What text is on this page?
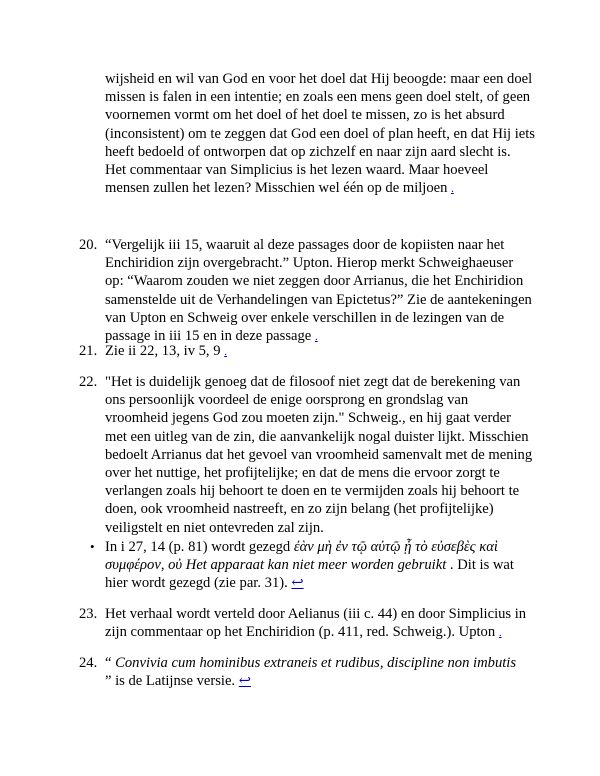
wijsheid en wil van God en voor het doel dat Hij beoogde: maar een doel missen is falen in een intentie; en zoals een mens geen doel stelt, of geen voornemen vormt om het doel of het doel te missen, zo is het absurd (inconsistent) om te zeggen dat God een doel of plan heeft, en dat Hij iets heeft bedoeld of ontworpen dat op zichzelf en naar zijn aard slecht is. Het commentaar van Simplicius is het lezen waard. Maar hoeveel mensen zullen het lezen? Misschien wel één op de miljoen .

20. “Vergelijk iii 15, waaruit al deze passages door de kopiisten naar het Enchiridion zijn overgebracht.” Upton. Hierop merkt Schweighaeuser op: “Waarom zouden we niet zeggen door Arrianus, die het Enchiridion samenstelde uit de Verhandelingen van Epictetus?” Zie de aantekeningen van Upton en Schweig over enkele verschillen in de lezingen van de passage in iii 15 en in deze passage .

21. Zie ii 22, 13, iv 5, 9 .

22. "Het is duidelijk genoeg dat de filosoof niet zegt dat de berekening van ons persoonlijk voordeel de enige oorsprong en grondslag van vroomheid jegens God zou moeten zijn." Schweig., en hij gaat verder met een uitleg van de zin, die aanvankelijk nogal duister lijkt. Misschien bedoelt Arrianus dat het gevoel van vroomheid samenvalt met de mening over het nuttige, het profijtelijke; en dat de mens die ervoor zorgt te verlangen zoals hij behoort te doen en te vermijden zoals hij behoort te doen, ook vroomheid nastreeft, en zo zijn belang (het profijtelijke) veiligstelt en niet ontevreden zal zijn.

• In i 27, 14 (p. 81) wordt gezegd ἐὰν μὴ ἐν τῷ αὐτῷ ᾖ τὸ εὐσεβὲς καὶ συμφέρον, οὐ Het apparaat kan niet meer worden gebruikt . Dit is wat hier wordt gezegd (zie par. 31). ↩

23. Het verhaal wordt verteld door Aelianus (iii c. 44) en door Simplicius in zijn commentaar op het Enchiridion (p. 411, red. Schweig.). Upton .

24. “ Convivia cum hominibus extraneis et rudibus, discipline non imbutis
” is de Latijnse versie. ↩
